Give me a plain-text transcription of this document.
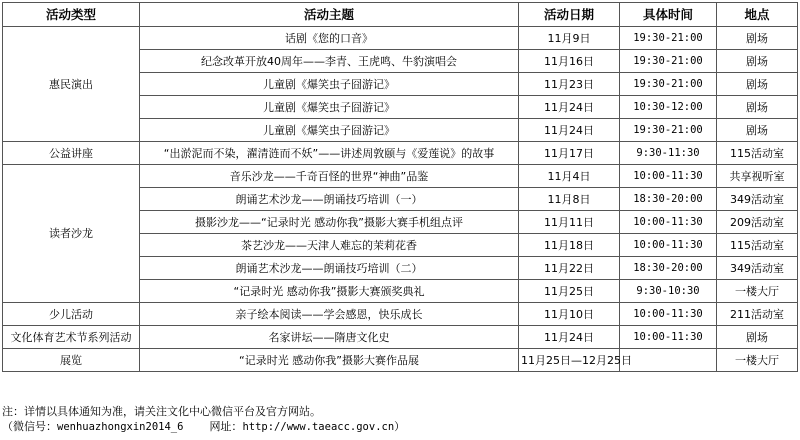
活动类型	活动主题	活动日期	具体时间	地点
惠民演出	话剧《您的口音》	11月9日	19:30-21:00	剧场
	纪念改革开放40周年——李青、王虎鸣、牛豹演唱会	11月16日	19:30-21:00	剧场
	儿童剧《爆笑虫子囧游记》	11月23日	19:30-21:00	剧场
	儿童剧《爆笑虫子囧游记》	11月24日	10:30-12:00	剧场
	儿童剧《爆笑虫子囧游记》	11月24日	19:30-21:00	剧场
公益讲座	“出淤泥而不染，濯清涟而不妖”——讲述周敦颐与《爱莲说》的故事	11月17日	9:30-11:30	115活动室
读者沙龙	音乐沙龙——千奇百怪的世界“神曲”品鉴	11月4日	10:00-11:30	共享视听室
	朗诵艺术沙龙——朗诵技巧培训（一）	11月8日	18:30-20:00	349活动室
	摄影沙龙——“记录时光 感动你我”摄影大赛手机组点评	11月11日	10:00-11:30	209活动室
	茶艺沙龙——天津人难忘的茉莉花香	11月18日	10:00-11:30	115活动室
	朗诵艺术沙龙——朗诵技巧培训（二）	11月22日	18:30-20:00	349活动室
	“记录时光 感动你我”摄影大赛颁奖典礼	11月25日	9:30-10:30	一楼大厅
少儿活动	亲子绘本阅读——学会感恩，快乐成长	11月10日	10:00-11:30	211活动室
文化体育艺术节系列活动	名家讲坛——隋唐文化史	11月24日	10:00-11:30	剧场
展览	“记录时光 感动你我”摄影大赛作品展	11月25日—12月25日		一楼大厅
注：详情以具体通知为准，请关注文化中心微信平台及官方网站。
（微信号：wenhuazhongxin2014_6 网址：http://www.taeacc.gov.cn）
